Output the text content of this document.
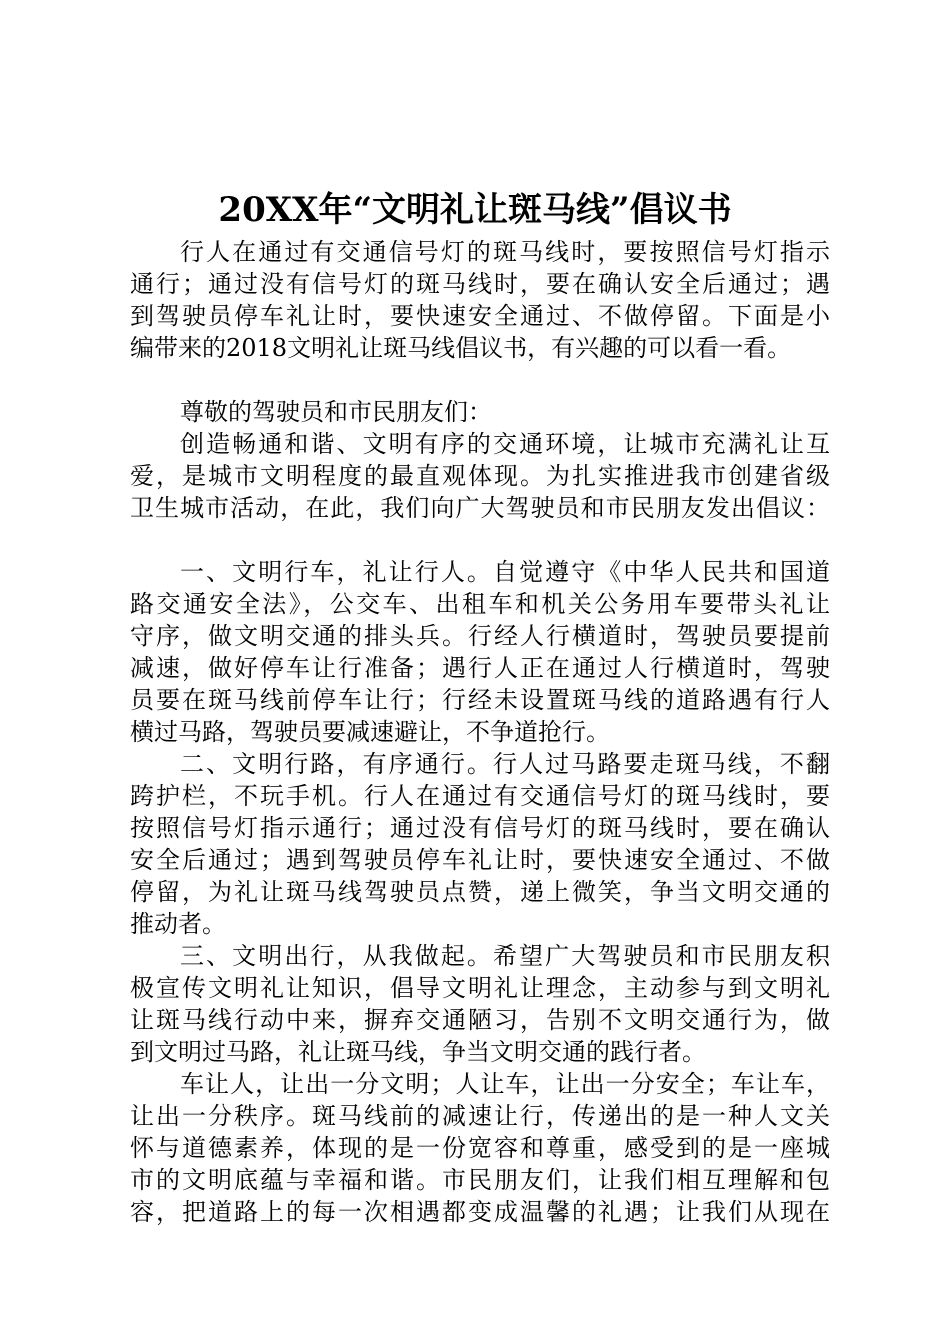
20XX年“文明礼让斑马线”倡议书
行人在通过有交通信号灯的斑马线时，要按照信号灯指示
通行；通过没有信号灯的斑马线时，要在确认安全后通过；遇
到驾驶员停车礼让时，要快速安全通过、不做停留。下面是小
编带来的2018文明礼让斑马线倡议书，有兴趣的可以看一看。
尊敬的驾驶员和市民朋友们：
创造畅通和谐、文明有序的交通环境，让城市充满礼让互
爱，是城市文明程度的最直观体现。为扎实推进我市创建省级
卫生城市活动，在此，我们向广大驾驶员和市民朋友发出倡议：
一、文明行车，礼让行人。自觉遵守《中华人民共和国道
路交通安全法》，公交车、出租车和机关公务用车要带头礼让
守序，做文明交通的排头兵。行经人行横道时，驾驶员要提前
减速，做好停车让行准备；遇行人正在通过人行横道时，驾驶
员要在斑马线前停车让行；行经未设置斑马线的道路遇有行人
横过马路，驾驶员要减速避让，不争道抢行。
二、文明行路，有序通行。行人过马路要走斑马线，不翻
跨护栏，不玩手机。行人在通过有交通信号灯的斑马线时，要
按照信号灯指示通行；通过没有信号灯的斑马线时，要在确认
安全后通过；遇到驾驶员停车礼让时，要快速安全通过、不做
停留，为礼让斑马线驾驶员点赞，递上微笑，争当文明交通的
推动者。
三、文明出行，从我做起。希望广大驾驶员和市民朋友积
极宣传文明礼让知识，倡导文明礼让理念，主动参与到文明礼
让斑马线行动中来，摒弃交通陋习，告别不文明交通行为，做
到文明过马路，礼让斑马线，争当文明交通的践行者。
车让人，让出一分文明；人让车，让出一分安全；车让车，
让出一分秩序。斑马线前的减速让行，传递出的是一种人文关
怀与道德素养，体现的是一份宽容和尊重，感受到的是一座城
市的文明底蕴与幸福和谐。市民朋友们，让我们相互理解和包
容，把道路上的每一次相遇都变成温馨的礼遇；让我们从现在
